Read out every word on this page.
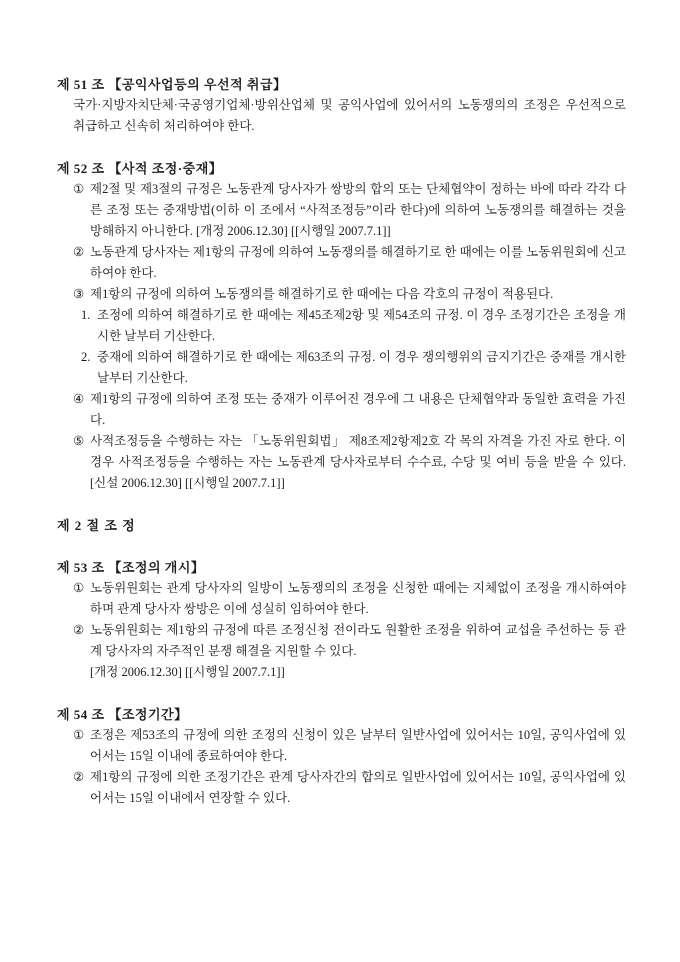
제 51 조 【공익사업등의 우선적 취급】

국가·지방자치단체·국공영기업체·방위산업체 및 공익사업에 있어서의 노동쟁의의 조정은 우선적으로 취급하고 신속히 처리하여야 한다.

제 52 조 【사적 조정·중재】
① 제2절 및 제3절의 규정은 노동관계 당사자가 쌍방의 합의 또는 단체협약이 정하는 바에 따라 각각 다른 조정 또는 중재방법(이하 이 조에서 “사적조정등”이라 한다)에 의하여 노동쟁의를 해결하는 것을 방해하지 아니한다. [개정 2006.12.30] [[시행일 2007.7.1]]
② 노동관계 당사자는 제1항의 규정에 의하여 노동쟁의를 해결하기로 한 때에는 이를 노동위원회에 신고하여야 한다.
③ 제1항의 규정에 의하여 노동쟁의를 해결하기로 한 때에는 다음 각호의 규정이 적용된다.
1. 조정에 의하여 해결하기로 한 때에는 제45조제2항 및 제54조의 규정. 이 경우 조정기간은 조정을 개시한 날부터 기산한다.
2. 중재에 의하여 해결하기로 한 때에는 제63조의 규정. 이 경우 쟁의행위의 금지기간은 중재를 개시한 날부터 기산한다.
④ 제1항의 규정에 의하여 조정 또는 중재가 이루어진 경우에 그 내용은 단체협약과 동일한 효력을 가진다.
⑤ 사적조정등을 수행하는 자는 「노동위원회법」 제8조제2항제2호 각 목의 자격을 가진 자로 한다. 이 경우 사적조정등을 수행하는 자는 노동관계 당사자로부터 수수료, 수당 및 여비 등을 받을 수 있다. [신설 2006.12.30] [[시행일 2007.7.1]]
제 2 절 조 정
제 53 조 【조정의 개시】
① 노동위원회는 관계 당사자의 일방이 노동쟁의의 조정을 신청한 때에는 지체없이 조정을 개시하여야 하며 관계 당사자 쌍방은 이에 성실히 임하여야 한다.
② 노동위원회는 제1항의 규정에 따른 조정신청 전이라도 원활한 조정을 위하여 교섭을 주선하는 등 관계 당사자의 자주적인 분쟁 해결을 지원할 수 있다.
[개정 2006.12.30] [[시행일 2007.7.1]]
제 54 조 【조정기간】
① 조정은 제53조의 규정에 의한 조정의 신청이 있은 날부터 일반사업에 있어서는 10일, 공익사업에 있어서는 15일 이내에 종료하여야 한다.
② 제1항의 규정에 의한 조정기간은 관계 당사자간의 합의로 일반사업에 있어서는 10일, 공익사업에 있어서는 15일 이내에서 연장할 수 있다.
